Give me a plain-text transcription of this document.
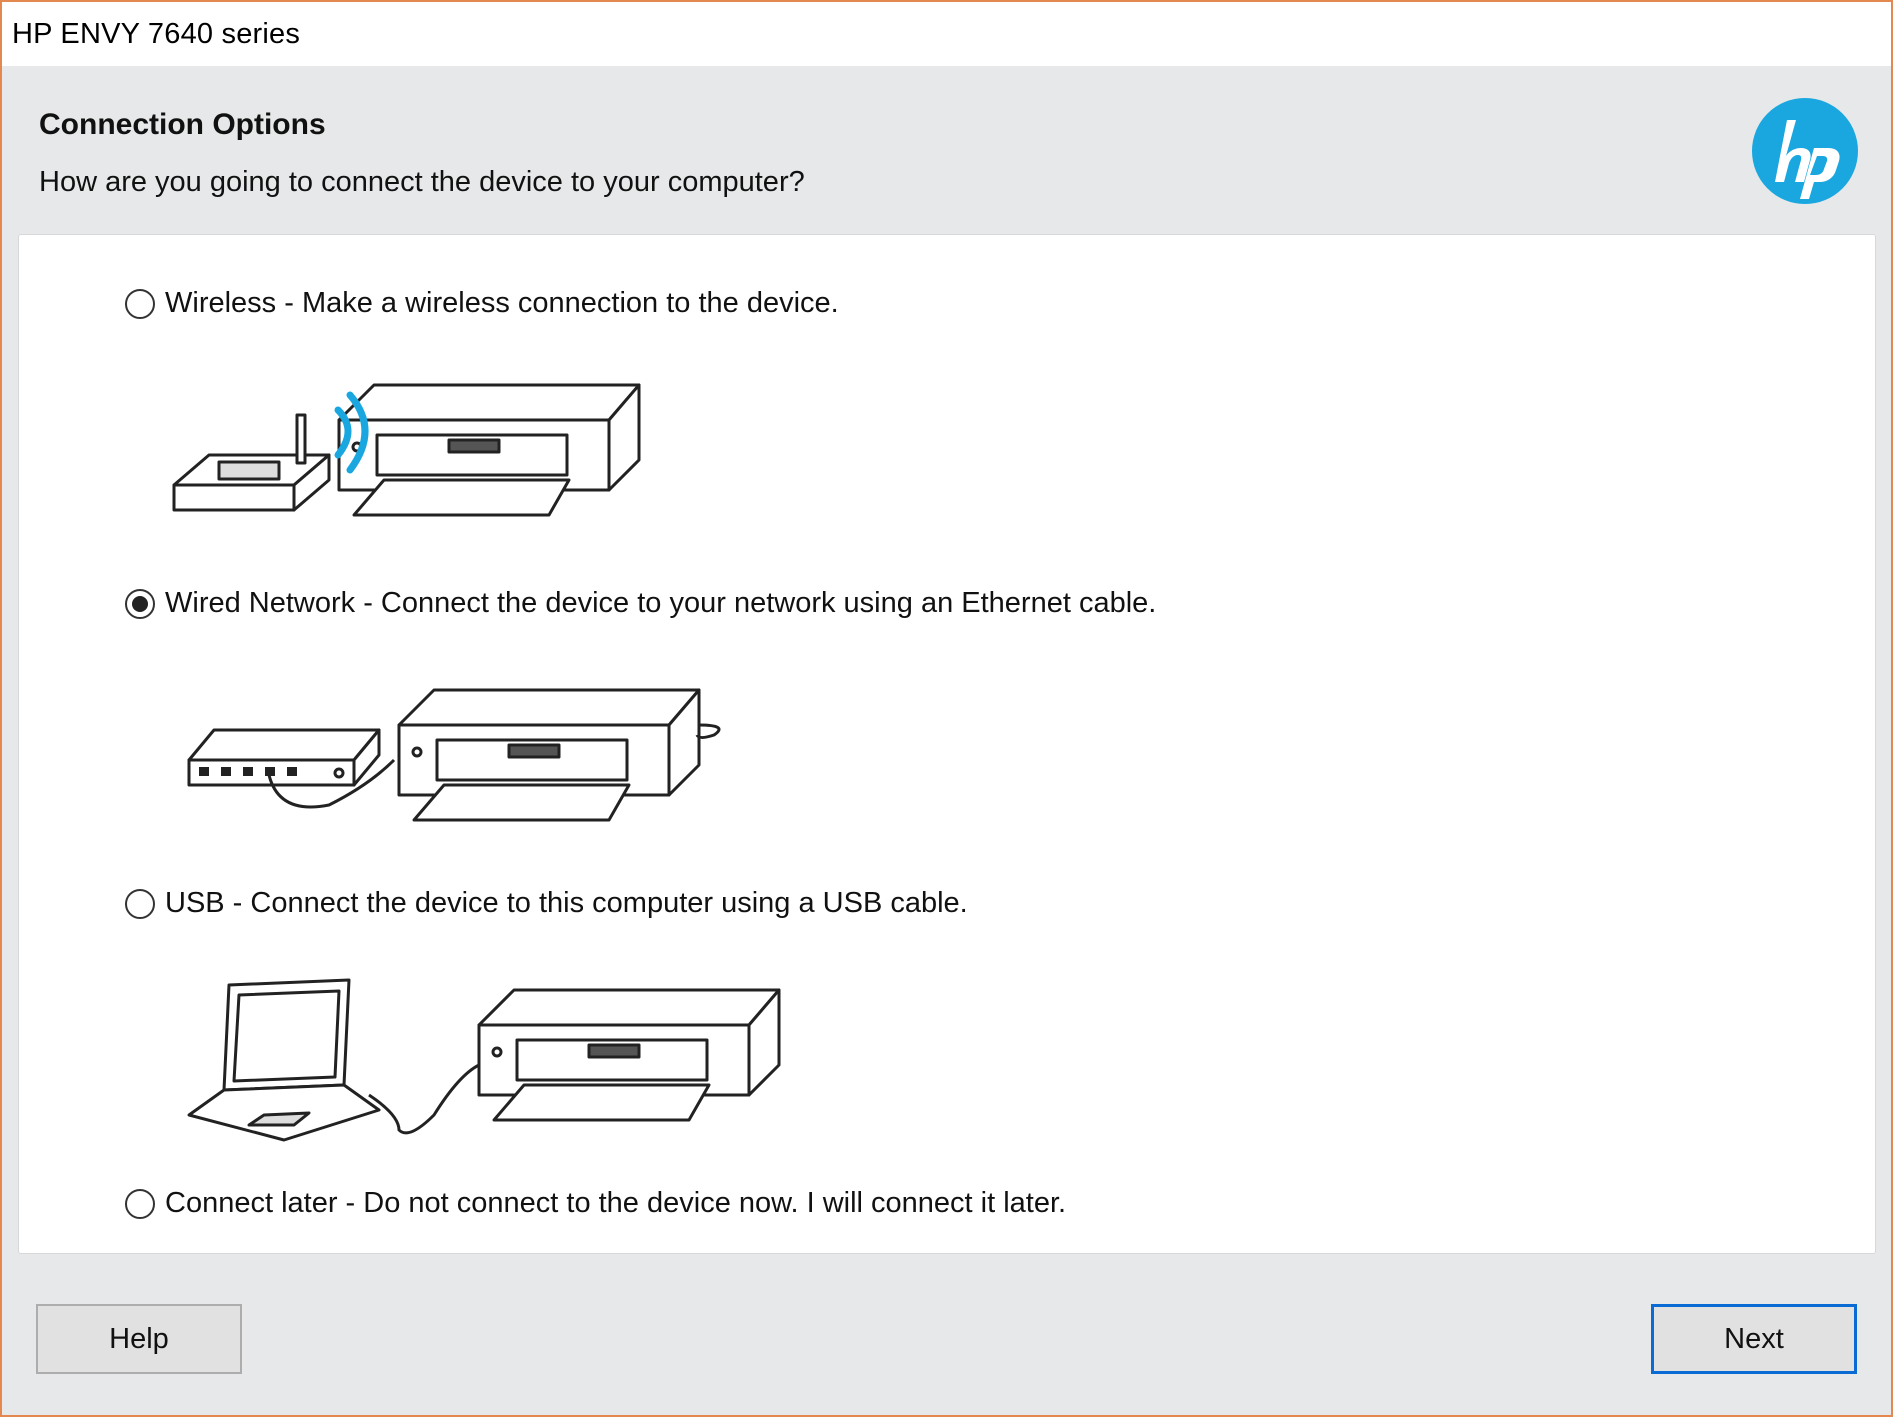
HP ENVY 7640 series
Connection Options
How are you going to connect the device to your computer?
Wireless - Make a wireless connection to the device.
Wired Network - Connect the device to your network using an Ethernet cable.
USB - Connect the device to this computer using a USB cable.
Connect later - Do not connect to the device now. I will connect it later.
Help	Next
